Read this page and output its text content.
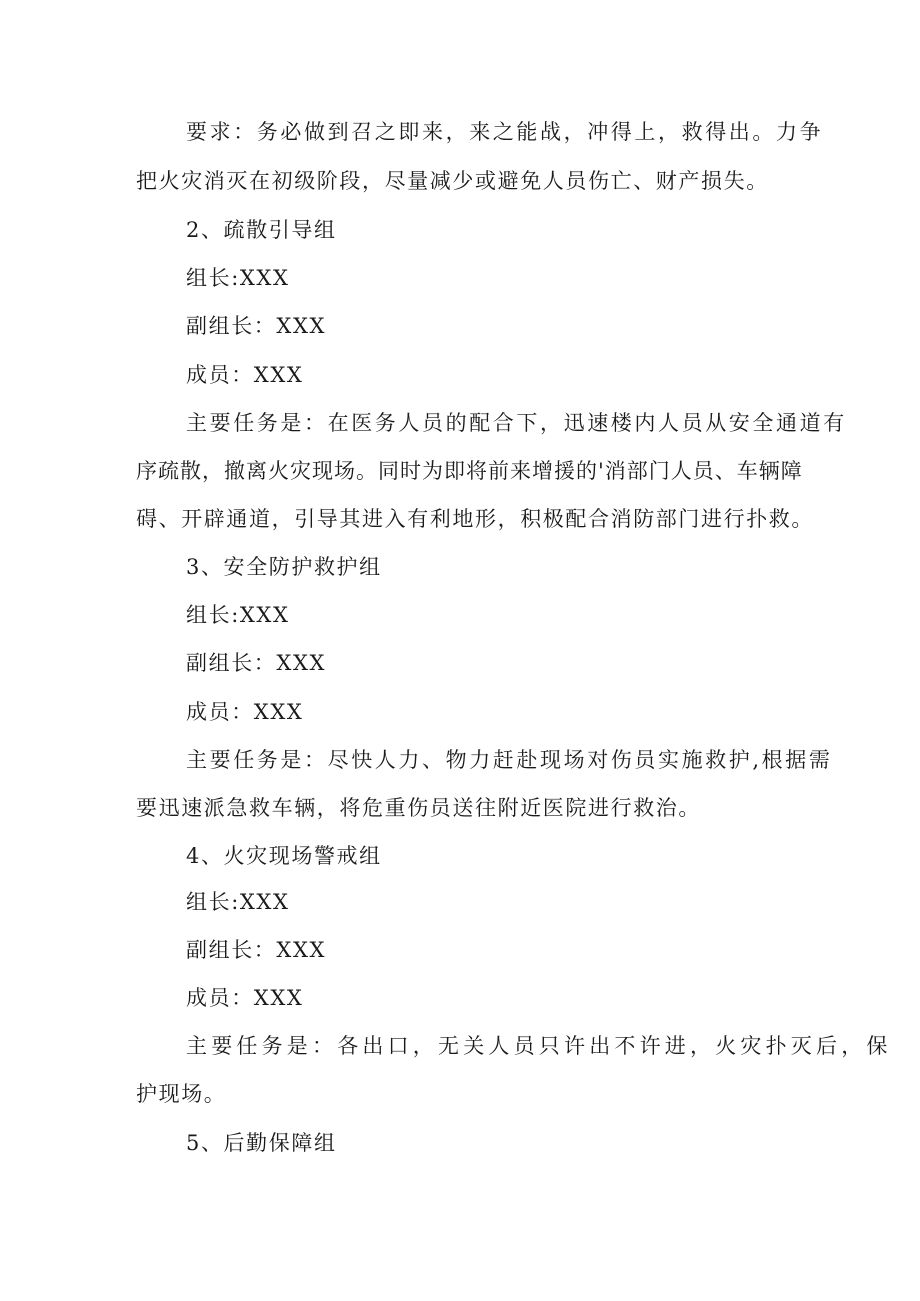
要求：务必做到召之即来，来之能战，冲得上，救得出。力争
把火灾消灭在初级阶段，尽量减少或避免人员伤亡、财产损失。
2、疏散引导组
组长:XXX
副组长：XXX
成员：XXX
主要任务是：在医务人员的配合下，迅速楼内人员从安全通道有
序疏散，撤离火灾现场。同时为即将前来增援的'消部门人员、车辆障
碍、开辟通道，引导其进入有利地形，积极配合消防部门进行扑救。
3、安全防护救护组
组长:XXX
副组长：XXX
成员：XXX
主要任务是：尽快人力、物力赶赴现场对伤员实施救护,根据需
要迅速派急救车辆，将危重伤员送往附近医院进行救治。
4、火灾现场警戒组
组长:XXX
副组长：XXX
成员：XXX
主要任务是：各出口，无关人员只许出不许进，火灾扑灭后，保
护现场。
5、后勤保障组
